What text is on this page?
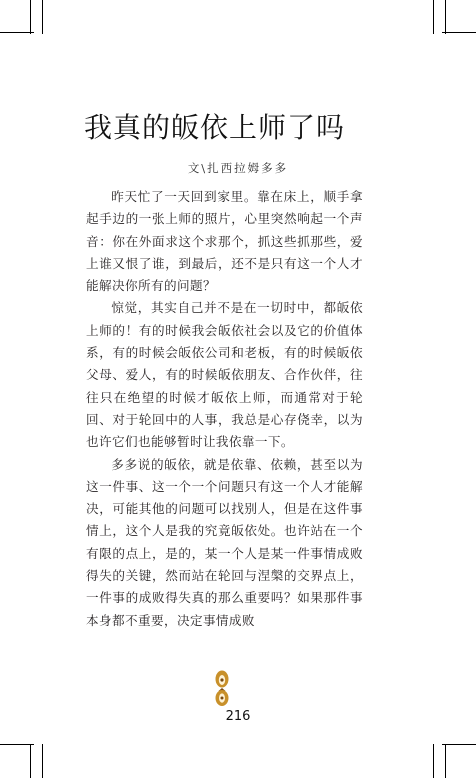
我真的皈依上师了吗
文\扎西拉姆多多

昨天忙了一天回到家里。靠在床上，顺手拿起手边的一张上师的照片，心里突然响起一个声音：你在外面求这个求那个，抓这些抓那些，爱上谁又恨了谁，到最后，还不是只有这一个人才能解决你所有的问题？

惊觉，其实自己并不是在一切时中，都皈依上师的！有的时候我会皈依社会以及它的价值体系，有的时候会皈依公司和老板，有的时候皈依父母、爱人，有的时候皈依朋友、合作伙伴，往往只在绝望的时候才皈依上师，而通常对于轮回、对于轮回中的人事，我总是心存侥幸，以为也许它们也能够暂时让我依靠一下。

多多说的皈依，就是依靠、依赖，甚至以为这一件事、这一个一个问题只有这一个人才能解决，可能其他的问题可以找别人，但是在这件事情上，这个人是我的究竟皈依处。也许站在一个有限的点上，是的，某一个人是某一件事情成败得失的关键，然而站在轮回与涅槃的交界点上，一件事的成败得失真的那么重要吗？如果那件事本身都不重要，决定事情成败

216
